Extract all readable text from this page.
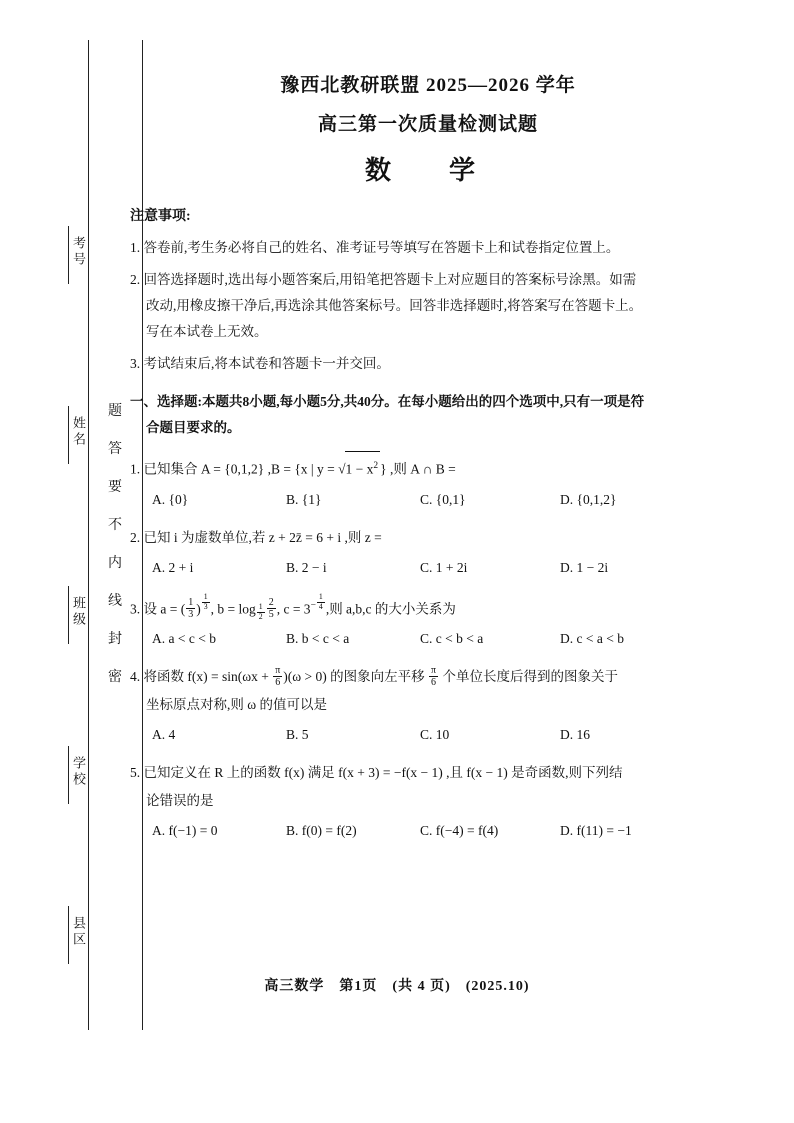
考号
姓名
班级
学校
县区
题
答
要
不
内
线
封
密
豫西北教研联盟 2025—2026 学年
高三第一次质量检测试题
数　学
注意事项:
1. 答卷前,考生务必将自己的姓名、准考证号等填写在答题卡上和试卷指定位置上。
2. 回答选择题时,选出每小题答案后,用铅笔把答题卡上对应题目的答案标号涂黑。如需
改动,用橡皮擦干净后,再选涂其他答案标号。回答非选择题时,将答案写在答题卡上。
写在本试卷上无效。
3. 考试结束后,将本试卷和答题卡一并交回。
一、选择题:本题共8小题,每小题5分,共40分。在每小题给出的四个选项中,只有一项是符
合题目要求的。
1. 已知集合 A = {0,1,2} ,B = {x | $y = √1 - x^2$ } ,则 A ∩ B =
A. {0}	B. {1}	C. {0,1}	D. {0,1,2}
2. 已知 i 为虚数单位,若 z + 2z̄ = 6 + i ,则 z =
A. 2 + i	B. 2 − i	C. 1 + 2i	D. 1 − 2i
3. 设 a = ( $\frac{1}{3}$ ) $\frac{1}{3}$ , $b = \log \frac{1}{2} \frac{2}{5}$ , $c = 3^- \frac{1}{4}$ ,则 a,b,c 的大小关系为
A. a < c < b	B. b < c < a	C. c < b < a	D. c < a < b
4. 将函数 $f(x) = \sin(\omega x + \frac{\pi}{6} )(\omega > 0)$ 的图象向左平移 $\frac{\pi}{6}$ 个单位长度后得到的图象关于
坐标原点对称,则 ω 的值可以是
A. 4	B. 5	C. 10	D. 16
5. 已知定义在 R 上的函数 f(x) 满足 f(x + 3) = −f(x − 1) ,且 f(x − 1) 是奇函数,则下列结
论错误的是
A. f(−1) = 0	B. f(0) = f(2)	C. f(−4) = f(4)	D. f(11) = −1
高三数学　第1页　(共 4 页)　(2025.10)
